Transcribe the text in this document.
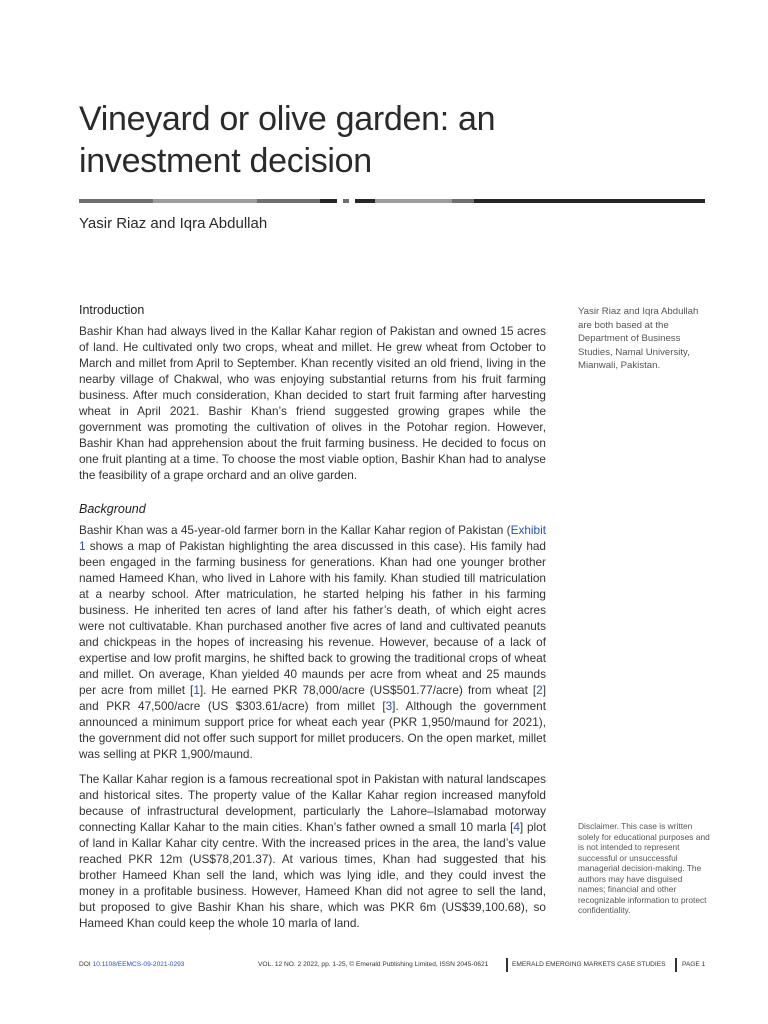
Vineyard or olive garden: an investment decision
Yasir Riaz and Iqra Abdullah
Introduction

Bashir Khan had always lived in the Kallar Kahar region of Pakistan and owned 15 acres of land. He cultivated only two crops, wheat and millet. He grew wheat from October to March and millet from April to September. Khan recently visited an old friend, living in the nearby village of Chakwal, who was enjoying substantial returns from his fruit farming business. After much consideration, Khan decided to start fruit farming after harvesting wheat in April 2021. Bashir Khan’s friend suggested growing grapes while the government was promoting the cultivation of olives in the Potohar region. However, Bashir Khan had apprehension about the fruit farming business. He decided to focus on one fruit planting at a time. To choose the most viable option, Bashir Khan had to analyse the feasibility of a grape orchard and an olive garden.

Background

Bashir Khan was a 45-year-old farmer born in the Kallar Kahar region of Pakistan (Exhibit 1 shows a map of Pakistan highlighting the area discussed in this case). His family had been engaged in the farming business for generations. Khan had one younger brother named Hameed Khan, who lived in Lahore with his family. Khan studied till matriculation at a nearby school. After matriculation, he started helping his father in his farming business. He inherited ten acres of land after his father’s death, of which eight acres were not cultivatable. Khan purchased another five acres of land and cultivated peanuts and chickpeas in the hopes of increasing his revenue. However, because of a lack of expertise and low profit margins, he shifted back to growing the traditional crops of wheat and millet. On average, Khan yielded 40 maunds per acre from wheat and 25 maunds per acre from millet [1]. He earned PKR 78,000/acre (US$501.77/acre) from wheat [2] and PKR 47,500/acre (US $303.61/acre) from millet [3]. Although the government announced a minimum support price for wheat each year (PKR 1,950/maund for 2021), the government did not offer such support for millet producers. On the open market, millet was selling at PKR 1,900/maund.

The Kallar Kahar region is a famous recreational spot in Pakistan with natural landscapes and historical sites. The property value of the Kallar Kahar region increased manyfold because of infrastructural development, particularly the Lahore–Islamabad motorway connecting Kallar Kahar to the main cities. Khan’s father owned a small 10 marla [4] plot of land in Kallar Kahar city centre. With the increased prices in the area, the land’s value reached PKR 12m (US$78,201.37). At various times, Khan had suggested that his brother Hameed Khan sell the land, which was lying idle, and they could invest the money in a profitable business. However, Hameed Khan did not agree to sell the land, but proposed to give Bashir Khan his share, which was PKR 6m (US$39,100.68), so Hameed Khan could keep the whole 10 marla of land.

Yasir Riaz and Iqra Abdullah are both based at the Department of Business Studies, Namal University, Mianwali, Pakistan.
Disclaimer. This case is written solely for educational purposes and is not intended to represent successful or unsuccessful managerial decision-making. The authors may have disguised names; financial and other recognizable information to protect confidentiality.
DOI 10.1108/EEMCS-09-2021-0293	VOL. 12 NO. 2 2022, pp. 1-25, © Emerald Publishing Limited, ISSN 2045-0621	EMERALD EMERGING MARKETS CASE STUDIES PAGE 1
